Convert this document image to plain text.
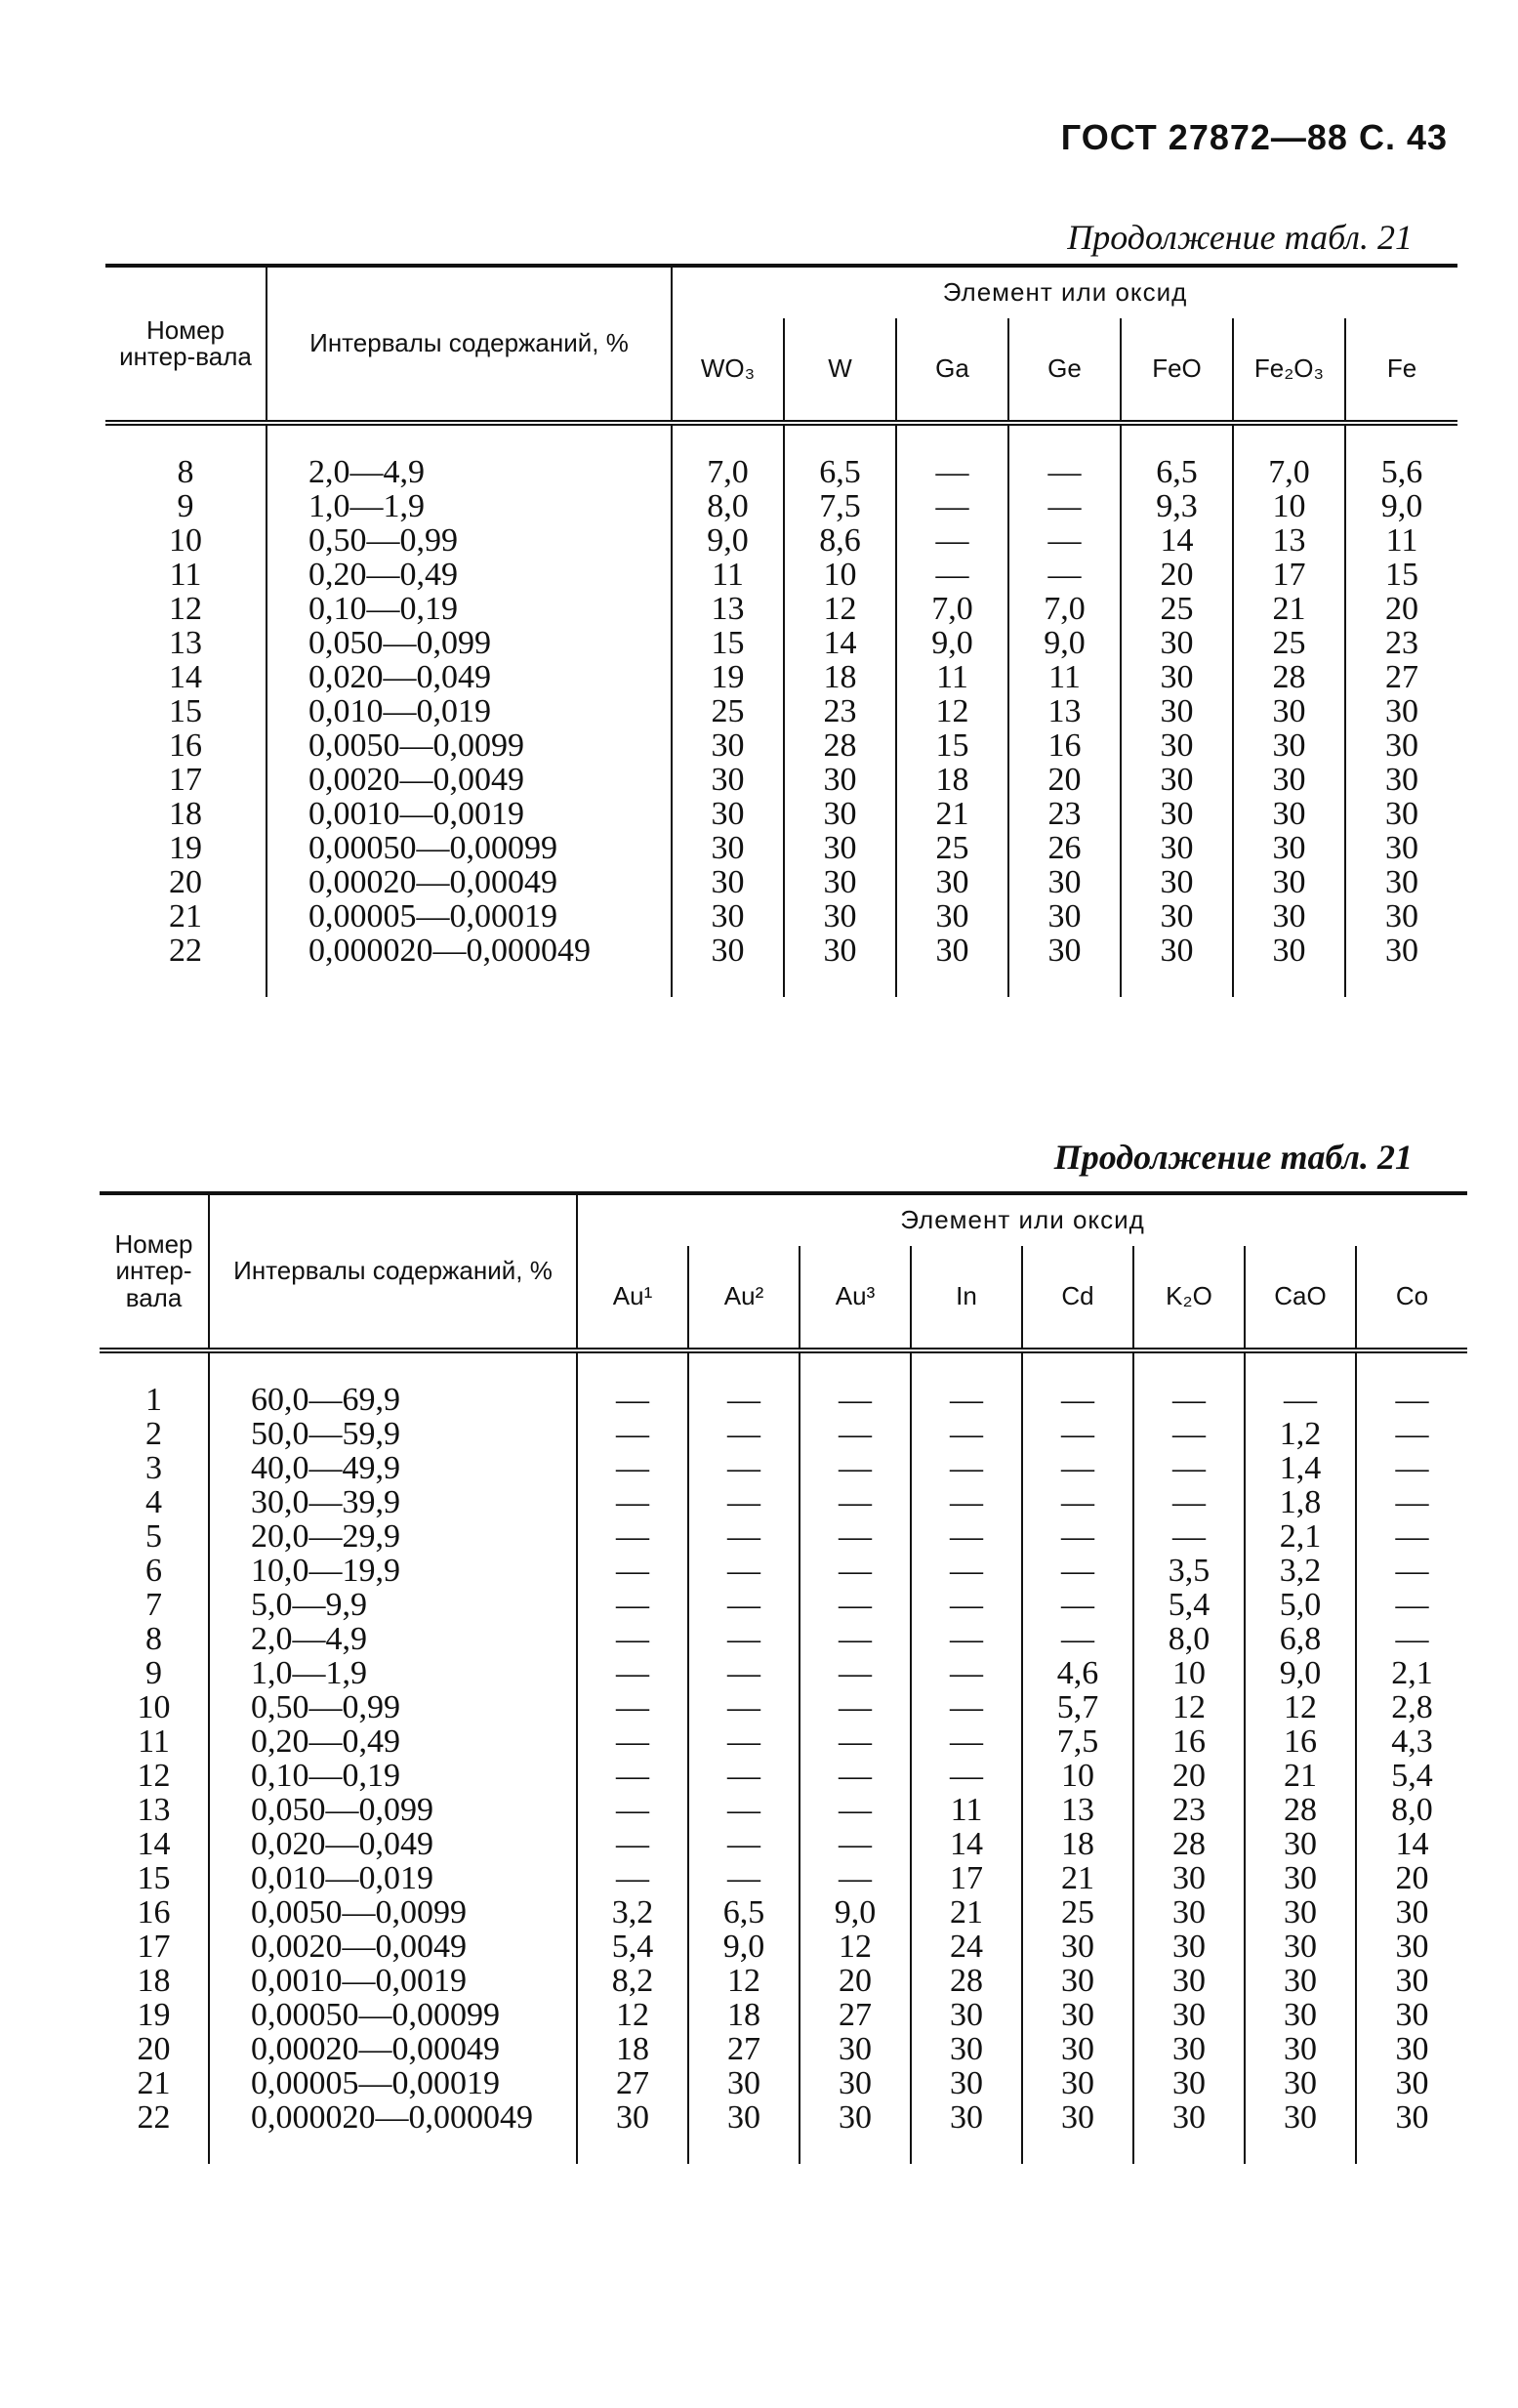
ГОСТ 27872—88 С. 43
Продолжение табл. 21
Номер интер-вала	Интервалы содержаний, %	Элемент или оксид						
		WO₃	W	Ga	Ge	FeO	Fe₂O₃	Fe
8	2,0—4,9	7,0	6,5	—	—	6,5	7,0	5,6
9	1,0—1,9	8,0	7,5	—	—	9,3	10	9,0
10	0,50—0,99	9,0	8,6	—	—	14	13	11
11	0,20—0,49	11	10	—	—	20	17	15
12	0,10—0,19	13	12	7,0	7,0	25	21	20
13	0,050—0,099	15	14	9,0	9,0	30	25	23
14	0,020—0,049	19	18	11	11	30	28	27
15	0,010—0,019	25	23	12	13	30	30	30
16	0,0050—0,0099	30	28	15	16	30	30	30
17	0,0020—0,0049	30	30	18	20	30	30	30
18	0,0010—0,0019	30	30	21	23	30	30	30
19	0,00050—0,00099	30	30	25	26	30	30	30
20	0,00020—0,00049	30	30	30	30	30	30	30
21	0,00005—0,00019	30	30	30	30	30	30	30
22	0,000020—0,000049	30	30	30	30	30	30	30
Продолжение табл. 21
Номер интер-вала	Интервалы содержаний, %	Элемент или оксид							
		Au¹	Au²	Au³	In	Cd	K₂O	CaO	Co
1	60,0—69,9	—	—	—	—	—	—	—	—
2	50,0—59,9	—	—	—	—	—	—	1,2	—
3	40,0—49,9	—	—	—	—	—	—	1,4	—
4	30,0—39,9	—	—	—	—	—	—	1,8	—
5	20,0—29,9	—	—	—	—	—	—	2,1	—
6	10,0—19,9	—	—	—	—	—	3,5	3,2	—
7	5,0—9,9	—	—	—	—	—	5,4	5,0	—
8	2,0—4,9	—	—	—	—	—	8,0	6,8	—
9	1,0—1,9	—	—	—	—	4,6	10	9,0	2,1
10	0,50—0,99	—	—	—	—	5,7	12	12	2,8
11	0,20—0,49	—	—	—	—	7,5	16	16	4,3
12	0,10—0,19	—	—	—	—	10	20	21	5,4
13	0,050—0,099	—	—	—	11	13	23	28	8,0
14	0,020—0,049	—	—	—	14	18	28	30	14
15	0,010—0,019	—	—	—	17	21	30	30	20
16	0,0050—0,0099	3,2	6,5	9,0	21	25	30	30	30
17	0,0020—0,0049	5,4	9,0	12	24	30	30	30	30
18	0,0010—0,0019	8,2	12	20	28	30	30	30	30
19	0,00050—0,00099	12	18	27	30	30	30	30	30
20	0,00020—0,00049	18	27	30	30	30	30	30	30
21	0,00005—0,00019	27	30	30	30	30	30	30	30
22	0,000020—0,000049	30	30	30	30	30	30	30	30
